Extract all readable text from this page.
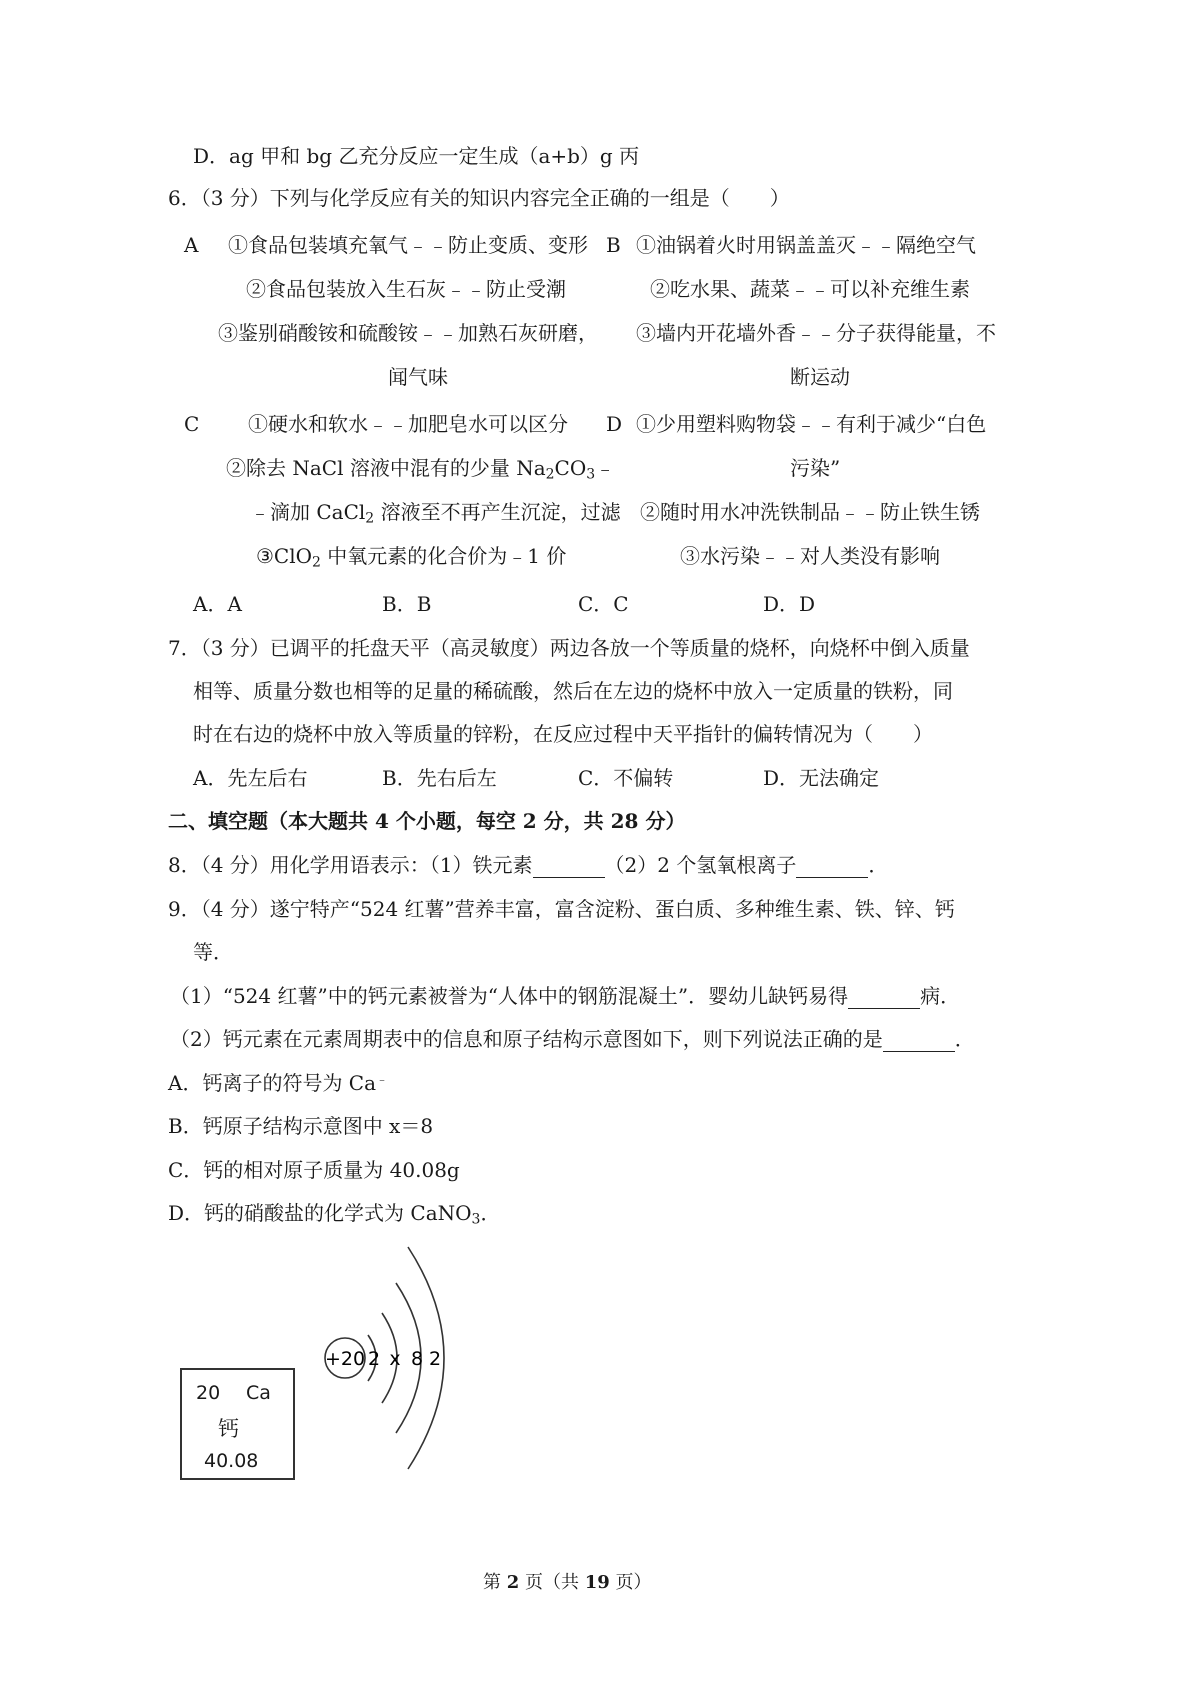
D．ag 甲和 bg 乙充分反应一定生成（a+b）g 丙
6．（3 分）下列与化学反应有关的知识内容完全正确的一组是（　　）
A ①食品包装填充氧气﹣﹣防止变质、变形
②食品包装放入生石灰﹣﹣防止受潮
③鉴别硝酸铵和硫酸铵﹣﹣加熟石灰研磨，
闻气味
B ①油锅着火时用锅盖盖灭﹣﹣隔绝空气
②吃水果、蔬菜﹣﹣可以补充维生素
③墙内开花墙外香﹣﹣分子获得能量，不
断运动
C ①硬水和软水﹣﹣加肥皂水可以区分
②除去 NaCl 溶液中混有的少量 $Na_2CO_3﹣$
﹣滴加 CaCl$_2$ 溶液至不再产生沉淀，过滤
③ClO$_2$ 中氧元素的化合价为﹣1 价
D ①少用塑料购物袋﹣﹣有利于减少“白色
污染”
②随时用水冲洗铁制品﹣﹣防止铁生锈
③水污染﹣﹣对人类没有影响
A．A	B．B	C．C	D．D
7．（3 分）已调平的托盘天平（高灵敏度）两边各放一个等质量的烧杯，向烧杯中倒入质量
相等、质量分数也相等的足量的稀硫酸，然后在左边的烧杯中放入一定质量的铁粉，同
时在右边的烧杯中放入等质量的锌粉，在反应过程中天平指针的偏转情况为（　　）
A．先左后右	B．先右后左	C．不偏转	D．无法确定
二、填空题（本大题共 4 个小题，每空 2 分，共 28 分）
8．（4 分）用化学用语表示：（1）铁元素	（2）2 个氢氧根离子	．
9．（4 分）遂宁特产“524 红薯”营养丰富，富含淀粉、蛋白质、多种维生素、铁、锌、钙
等．
（1）“524 红薯”中的钙元素被誉为“人体中的钢筋混凝土”．婴幼儿缺钙易得	病．
（2）钙元素在元素周期表中的信息和原子结构示意图如下，则下列说法正确的是	．
A．钙离子的符号为 Ca﹣
B．钙原子结构示意图中 x＝8
C．钙的相对原子质量为 40.08g
D．钙的硝酸盐的化学式为 CaNO$_3$．
20 Ca
钙
40.08
+20 2 x 8 2
第 2 页（共 19 页）
